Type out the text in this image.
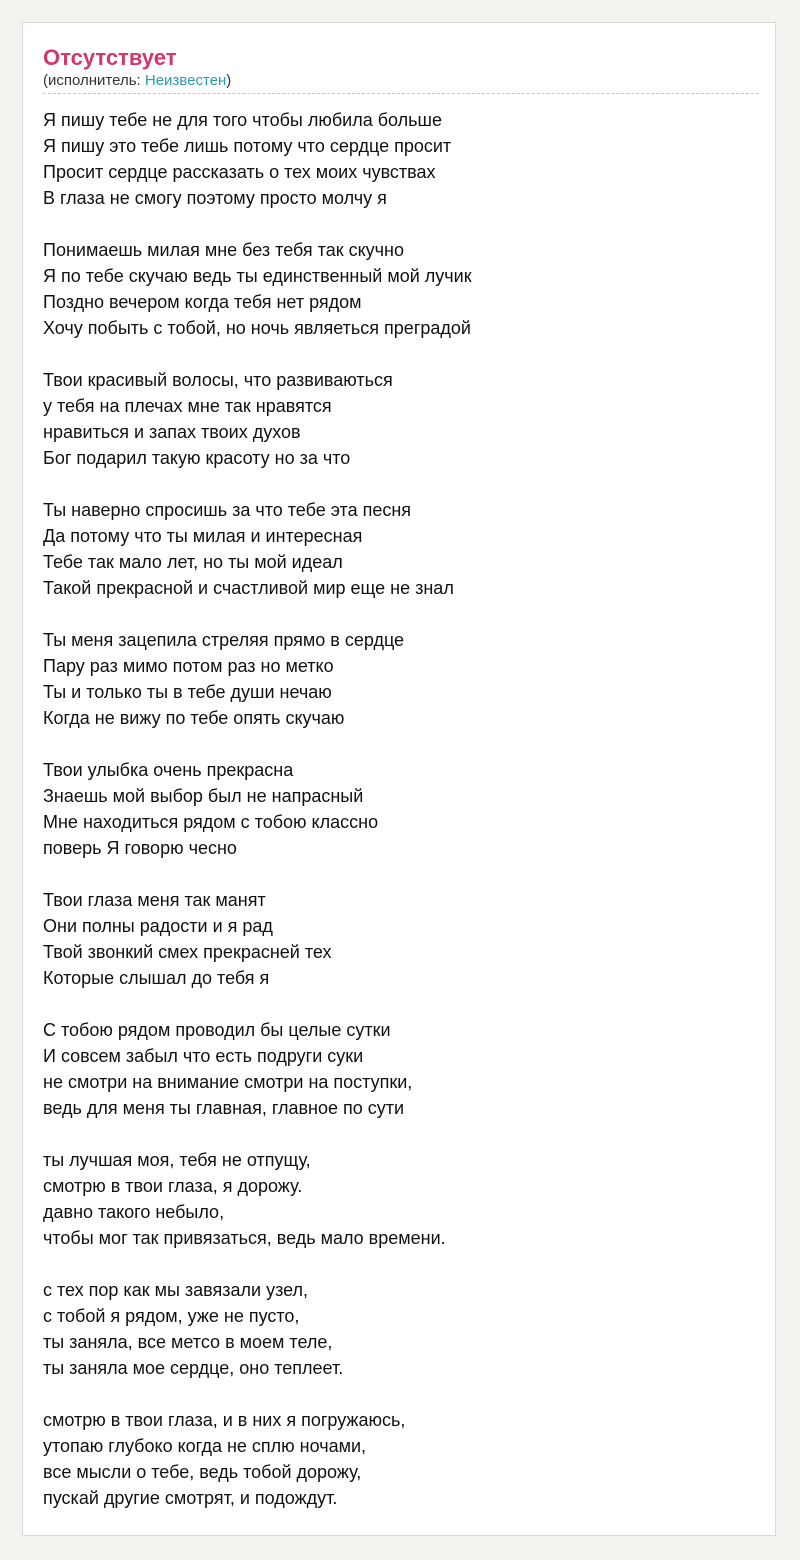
Отсутствует

(исполнитель: Неизвестен)

Я пишу тебе не для того чтобы любила больше
Я пишу это тебе лишь потому что сердце просит
Просит сердце рассказать о тех моих чувствах
В глаза не смогу поэтому просто молчу я
Понимаешь милая мне без тебя так скучно
Я по тебе скучаю ведь ты единственный мой лучик
Поздно вечером когда тебя нет рядом
Хочу побыть с тобой, но ночь являеться преградой
Твои красивый волосы, что развиваються
у тебя на плечах мне так нравятся
нравиться и запах твоих духов
Бог подарил такую красоту но за что
Ты наверно спросишь за что тебе эта песня
Да потому что ты милая и интересная
Тебе так мало лет, но ты мой идеал
Такой прекрасной и счастливой мир еще не знал
Ты меня зацепила стреляя прямо в сердце
Пару раз мимо потом раз но метко
Ты и только ты в тебе души нечаю
Когда не вижу по тебе опять скучаю
Твои улыбка очень прекрасна
Знаешь мой выбор был не напрасный
Мне находиться рядом с тобою классно
поверь Я говорю чесно
Твои глаза меня так манят
Они полны радости и я рад
Твой звонкий смех прекрасней тех
Которые слышал до тебя я
С тобою рядом проводил бы целые сутки
И совсем забыл что есть подруги суки
не смотри на внимание смотри на поступки,
ведь для меня ты главная, главное по сути
ты лучшая моя, тебя не отпущу,
смотрю в твои глаза, я дорожу.
давно такого небыло,
чтобы мог так привязаться, ведь мало времени.
с тех пор как мы завязали узел,
с тобой я рядом, уже не пусто,
ты заняла, все метсо в моем теле,
ты заняла мое сердце, оно теплеет.
смотрю в твои глаза, и в них я погружаюсь,
утопаю глубоко когда не сплю ночами,
все мысли о тебе, ведь тобой дорожу,
пускай другие смотрят, и подождут.
